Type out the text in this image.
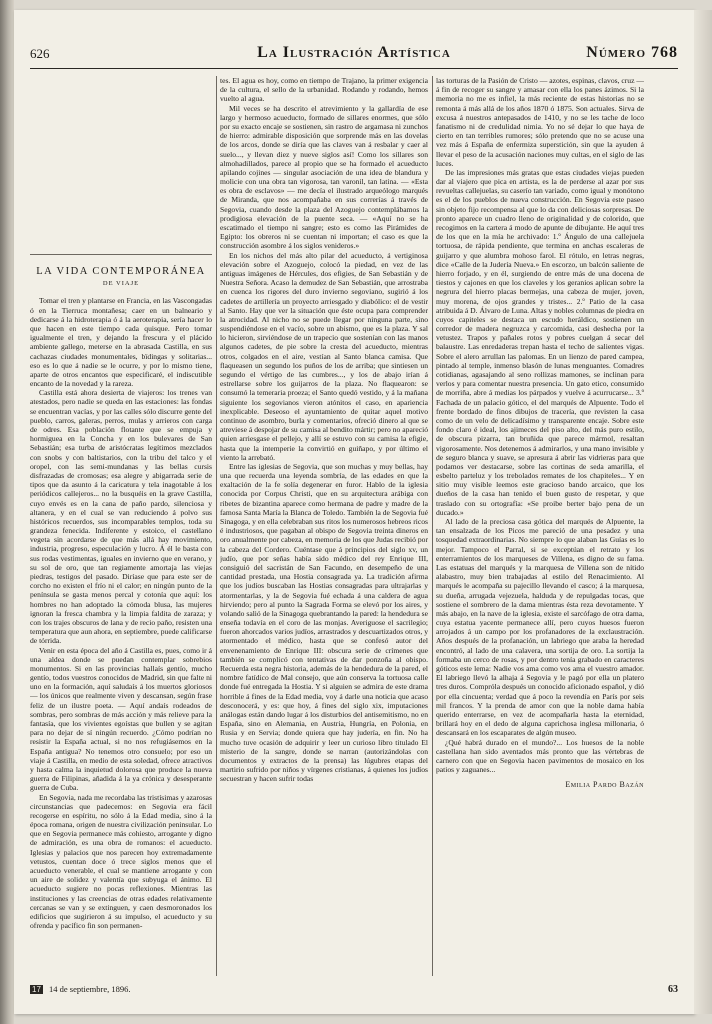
626	La Ilustración Artística	Número 768
LA VIDA CONTEMPORÁNEA
DE VIAJE

Tomar el tren y plantarse en Francia, en las Vascongadas ó en la Tierruca montañesa; caer en un balneario y dedicarse á la hidroterapia ó á la aeroterapia, sería hacer lo que hacen en este tiempo cada quisque. Pero tomar igualmente el tren, y dejando la frescura y el plácido ambiente gallego, meterse en la abrasada Castilla, en sus cachazas ciudades monumentales, bïdingas y solitarias... eso es lo que á nadie se le ocurre, y por lo mismo tiene, aparte de otros encantos que especificaré, el indiscutible encanto de la novedad y la rareza.

Castilla está ahora desierta de viajeros: los trenes van atestados, pero nadie se queda en las estaciones: las fondas se encuentran vacías, y por las calles sólo discurre gente del pueblo, carros, galeras, perros, mulas y arrieros con carga de odres. Esa población flotante que se empuja y hormiguea en la Concha y en los bulevares de San Sebastián; esa turba de aristócratas legítimos mezclados con snobs y con baltistarios, con la tribu del talco y el oropel, con las semi-mundanas y las bellas cursis disfrazadas de cromosas; esa alegre y abigarrada serie de tipos que da asunto á la caricatura y tela inagotable á los periódicos callejeros... no la busquéis en la grave Castilla, cuyo envés es en la cana de paño pardo, silenciosa y altanera, y en el cual se van reduciendo á polvo sus históricos recuerdos, sus incomparables templos, toda su grandeza fenecida. Indiferente y estoico, el castellano vegeta sin acordarse de que más allá hay movimiento, industria, progreso, especulación y lucro. Á él le basta con sus rodas vestimentas, iguales en invierno que en verano, y su sol de oro, que tan regiamente amortaja las viejas piedras, testigos del pasado. Diríase que para este ser de corcho no existen el frío ni el calor; en ningún punto de la península se gasta menos percal y cotonía que aquí: los hombres no han adoptado la cómoda blusa, las mujeres ignoran la fresca chambra y la limpia faldita de zaraza; y con los trajes obscuros de lana y de recio paño, resisten una temperatura que aun ahora, en septiembre, puede calificarse de tórrida.

Venir en esta época del año á Castilla es, pues, como ir á una aldea donde se puedan contemplar sobrebios monumentos. Si en las provincias hallaís gentío, mucho gentío, todos vuestros conocidos de Madrid, sin que falte ni uno en la formación, aquí saludaís á los muertos gloriosos — los únicos que realmente viven y descansan, según frase feliz de un ilustre poeta. — Aquí andaís rodeados de sombras, pero sombras de más acción y más relieve para la fantasía, que los vivientes egoístas que bullen y se agitan para no dejar de sí ningún recuerdo. ¿Cómo podrían no resistir la España actual, si no nos refugiásemos en la España antigua? No tenemos otro consuelo; por eso un viaje á Castilla, en medio de esta soledad, ofrece atractivos y hasta calma la inquietud dolorosa que produce la nueva guerra de Filipinas, añadida á la ya crónica y desesperante guerra de Cuba.

En Segovia, nada me recordaba las tristísimas y azarosas circunstancias que padecemos: en Segovia era fácil recogerse en espíritu, no sólo á la Edad media, sino á la época romana, origen de nuestra civilización peninsular. Lo que en Segovia permanece más cohiesto, arrogante y digno de admiración, es una obra de romanos: el acueducto. Iglesias y palacios que nos parecen hoy extremadamente vetustos, cuentan doce ó trece siglos menos que el acueducto venerable, el cual se mantiene arrogante y con un aire de solidez y valentía que subyuga el ánimo. El acueducto sugiere no pocas reflexiones. Mientras las instituciones y las creencias de otras edades relativamente cercanas se van y se extinguen, y caen desmoronados los edificios que sugirieron á su impulso, el acueducto y su ofrenda y pacífico fin son permanen-

tes. El agua es hoy, como en tiempo de Trajano, la primer exigencia de la cultura, el sello de la urbanidad. Rodando y rodando, hemos vuelto al agua.

Mil veces se ha descrito el atrevimiento y la gallardía de ese largo y hermoso acueducto, formado de sillares enormes, que sólo por su exacto encaje se sostienen, sin rastro de argamasa ni zunchos de hierro: admirable disposición que sorprende más en las dovelas de los arcos, donde se diría que las claves van á resbalar y caer al suelo..., y llevan diez y nueve siglos así! Como los sillares son almohadillados, parece al propio que se ha formado el acueducto apilando cojines — singular asociación de una idea de blandura y molicie con una obra tan vigorosa, tan varonil, tan latina. — «Esta es obra de esclavos» — me decía el ilustrado arqueólogo marqués de Miranda, que nos acompañaba en sus correrías á través de Segovia, cuando desde la plaza del Azoguejo contemplábamos la prodigiosa elevación de la puente seca. — «Aquí no se ha escatimado el tiempo ni sangre; esto es como las Pirámides de Egipto: los obreros ni se cuentan ni importan; el caso es que la construcción asombre á los siglos venideros.»

En los nichos del más alto pilar del acueducto, á vertiginosa elevación sobre el Azoguejo, colocó la piedad, en vez de las antiguas imágenes de Hércules, dos efigies, de San Sebastián y de Nuestra Señora. Acaso la demudez de San Sebastián, que arrostraba en cuenca los rigores del duro invierno segoviano, sugirió á los cadetes de artillería un proyecto arriesgado y diabólico: el de vestir al Santo. Hay que ver la situación que éste ocupa para comprender la atrocidad. Al nicho no se puede llegar por ninguna parte, sino suspendiéndose en el vacío, sobre un abismo, que es la plaza. Y sal lo hicieron, sirviéndose de un trapecio que sostenían con las manos algunos cadetes, de pie sobre la cresta del acueducto, mientras otros, colgados en el aire, vestían al Santo blanca camisa. Que flaqueasen un segundo los puños de los de arriba; que sintiesen un segundo el vértigo de las cumbres..., y los de abajo irían á estrellarse sobre los guijarros de la plaza. No flaquearon: se consumó la temeraria proeza; el Santo quedó vestido, y á la mañana siguiente los segovianos vieron atónitos el caso, en apariencia inexplicable. Deseoso el ayuntamiento de quitar aquel motivo continuo de asombro, burla y comentarios, ofreció dinero al que se atreviese á despojar de su camisa al bendito mártir; pero no apareció quien arriesgase el pellejo, y allí se estuvo con su camisa la efigie, hasta que la intemperie la convirtió en guiñapo, y por último el viento la arrebató.

Entre las iglesias de Segovia, que son muchas y muy bellas, hay una que recuerda una leyenda sombría, de las edades en que la exaltación de la fe solía degenerar en furor. Hablo de la iglesia conocida por Corpus Christi, que en su arquitectura arábiga con ribetes de bizantina aparece como hermana de padre y madre de la famosa Santa María la Blanca de Toledo. También la de Segovia fué Sinagoga, y en ella celebraban sus ritos los numerosos hebreos ricos é industriosos, que pagaban al obispo de Segovia treinta dineros en oro anualmente por cabeza, en memoria de los que Judas recibió por la cabeza del Cordero. Cuéntase que á principios del siglo xv, un judío, que por señas había sido médico del rey Enrique III, consiguió del sacristán de San Facundo, en desempeño de una cantidad prestada, una Hostia consagrada ya. La tradición afirma que los judíos buscaban las Hostias consagradas para ultrajarlas y atormentarlas, y la de Segovia fué echada á una caldera de agua hirviendo; pero al punto la Sagrada Forma se elevó por los aires, y volando salió de la Sinagoga quebrantando la pared: la hendedura se enseña todavía en el coro de las monjas. Averiguose el sacrilegio; fueron ahorcados varios judíos, arrastrados y descuartizados otros, y atormentado el médico, hasta que se confesó autor del envenenamiento de Enrique III: obscura serie de crímenes que también se complicó con tentativas de dar ponzoña al obispo. Recuerda esta negra historia, además de la hendedura de la pared, el nombre fatídico de Mal consejo, que aún conserva la tortuosa calle donde fué entregada la Hostia. Y si alguien se admira de este drama horrible á fines de la Edad media, voy á darle una noticia que acaso desconocerá, y es: que hoy, á fines del siglo xix, imputaciones análogas están dando lugar á los disturbios del antisemitismo, no en España, sino en Alemania, en Austria, Hungría, en Polonia, en Rusia y en Servia; donde quiera que hay judería, en fin. No ha mucho tuve ocasión de adquirir y leer un curioso libro titulado El misterio de la sangre, donde se narran (autorizándolas con documentos y extractos de la prensa) las lúgubres etapas del martirio sufrido por niños y vírgenes cristianas, á quienes los judíos secuestran y hacen sufrir todas

las torturas de la Pasión de Cristo — azotes, espinas, clavos, cruz — á fin de recoger su sangre y amasar con ella los panes ázimos. Si la memoria no me es infiel, la más reciente de estas historias no se remonta á más allá de los años 1870 ó 1875. Son actuales. Sirva de excusa á nuestros antepasados de 1410, y no se les tache de loco fanatismo ni de credulidad nimia. Yo no sé dejar lo que haya de cierto en tan terribles rumores; sólo pretendo que no se acuse una vez más á España de enfermiza superstición, sin que la ayuden á llevar el peso de la acusación naciones muy cultas, en el siglo de las luces.

De las impresiones más gratas que estas ciudades viejas pueden dar al viajero que pica en artista, es la de perderse al azar por sus revueltas callejuelas, su caserío tan variado, como igual y monótono es el de los pueblos de nueva construcción. En Segovia este paseo sin objeto fijo recompensa al que lo da con deliciosas sorpresas. De pronto aparece un cuadro lleno de originalidad y de colorido, que recogimos en la cartera á modo de apunte de dibujante. He aquí tres de los que en la mía he archivado: 1.º Ángulo de una callejuela tortuosa, de rápida pendiente, que termina en anchas escaleras de guijarro y que alumbra mohoso farol. El rótulo, en letras negras, dice «Calle de la Judería Nueva.» En escorzo, un balcón saliente de hierro forjado, y en él, surgiendo de entre más de una docena de tiestos y cajones en que los claveles y los geranios aplican sobre la negrura del hierro placas bermejas, una cabeza de mujer, joven, muy morena, de ojos grandes y tristes... 2.º Patio de la casa atribuida á D. Álvaro de Luna. Altas y nobles columnas de piedra en cuyos capiteles se destaca un escudo heráldico, sostienen un corredor de madera negruzca y carcomida, casi deshecha por la vetustez. Trapos y pañales rotos y pobres cuelgan á secar del balaustre. Las enredaderas trepan hasta el techo de salientes vigas. Sobre el alero arrullan las palomas. En un lienzo de pared campea, pintado al temple, inmenso blasón de lunas menguantes. Comadres cotidianas, agasajando al seno rollizas mamones, se inclinan para verlos y para comentar nuestra presencia. Un gato etico, consumido de morriña, abre á medias los párpados y vuelve á acurrucarse... 3.º Fachada de un palacio gótico, el del marqués de Alpuente. Todo el frente bordado de finos dibujos de tracería, que revisten la casa como de un velo de delicadísimo y transparente encaje. Sobre este fondo claro é ideal, los ajimeces del piso alto, del más puro estilo, de obscura pizarra, tan bruñida que parece mármol, resaltan vigorosamente. Nos detenemos á admirarlos, y una mano invisible y de seguro blanca y suave, se apresura á abrir las vidrieras para que podamos ver destacarse, sobre las cortinas de seda amarilla, el esbelto parteluz y los trebolados remates de los chapiteles... Y en sitio muy visible leemos este gracioso bando arcaico, que los dueños de la casa han tenido el buen gusto de respetar, y que traslado con su ortografía: «Se proibe berter bajo pena de un ducado.»

Al lado de la preciosa casa gótica del marqués de Alpuente, la tan ensalzada de los Picos me pareció de una pesadez y una tosquedad extraordinarias. No siempre lo que alaban las Guías es lo mejor. Tampoco el Parral, si se exceptúan el retrato y los enterramientos de los marqueses de Villena, es digno de su fama. Las estatuas del marqués y la marquesa de Villena son de nítido alabastro, muy bien trabajadas al estilo del Renacimiento. Al marqués le acompaña su pajecillo llevando el casco; á la marquesa, su dueña, arrugada vejezuela, halduda y de repulgadas tocas, que sostiene el sombrero de la dama mientras ésta reza devotamente. Y más abajo, en la nave de la iglesia, existe el sarcófago de otra dama, cuya estatua yacente permanece allí, pero cuyos huesos fueron arrojados á un campo por los profanadores de la exclaustración. Años después de la profanación, un labriego que araba la heredad encontró, al lado de una calavera, una sortija de oro. La sortija la formaba un cerco de rosas, y por dentro tenía grabado en caracteres góticos este lema: Nadie vos ama como vos ama el vuestro amador. El labriego llevó la alhaja á Segovia y le pagó por ella un platero tres duros. Compróla después un conocido aficionado español, y dió por ella cincuenta; verdad que á poco la revendía en París por seis mil francos. Y la prenda de amor con que la noble dama había querido enterrarse, en vez de acompañarla hasta la eternidad, brillará hoy en el dedo de alguna caprichosa inglesa millonaria, ó descansará en los escaparates de algún museo.

¿Qué habrá durado en el mundo?... Los huesos de la noble castellana han sido aventados más pronto que las vértebras de carnero con que en Segovia hacen pavimentos de mosaico en los patios y zaguanes...

Emilia Pardo Bazán

17 14 de septiembre, 1896.	63
